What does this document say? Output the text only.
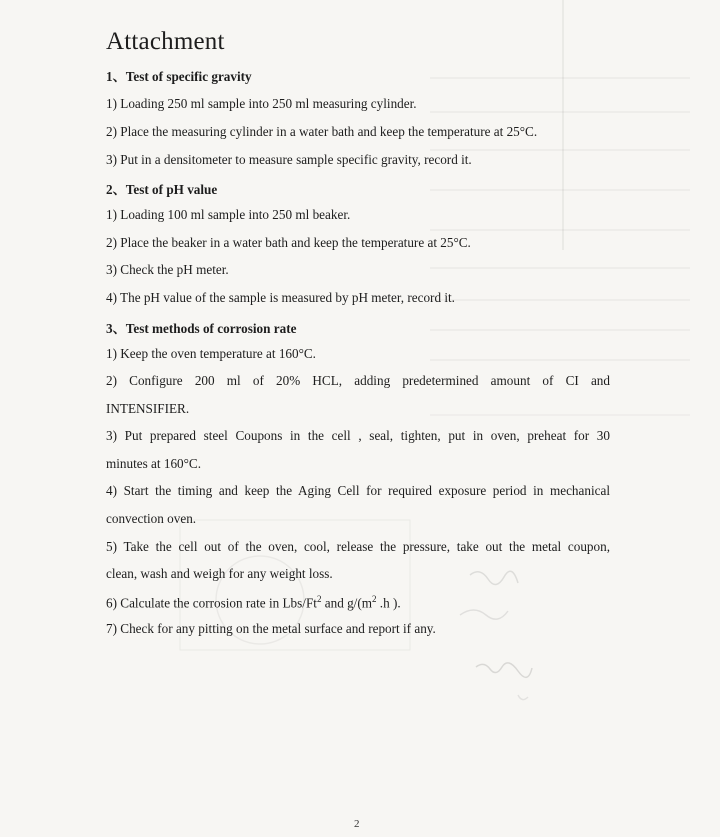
Attachment
1、Test of specific gravity
1) Loading 250 ml sample into 250 ml measuring cylinder.
2) Place the measuring cylinder in a water bath and keep the temperature at 25°C.
3) Put in a densitometer to measure sample specific gravity, record it.
2、Test of pH value
1) Loading 100 ml sample into 250 ml beaker.
2) Place the beaker in a water bath and keep the temperature at 25°C.
3) Check the pH meter.
4) The pH value of the sample is measured by pH meter, record it.
3、Test methods of corrosion rate
1) Keep the oven temperature at 160°C.
2) Configure 200 ml of 20% HCL, adding predetermined amount of CI and
INTENSIFIER.
3) Put prepared steel Coupons in the cell , seal, tighten, put in oven, preheat for 30
minutes at 160°C.
4) Start the timing and keep the Aging Cell for required exposure period in mechanical
convection oven.
5) Take the cell out of the oven, cool, release the pressure, take out the metal coupon,
clean, wash and weigh for any weight loss.
6) Calculate the corrosion rate in Lbs/Ft$^2$ and $g/(m^2$ .h ).
7) Check for any pitting on the metal surface and report if any.
2
